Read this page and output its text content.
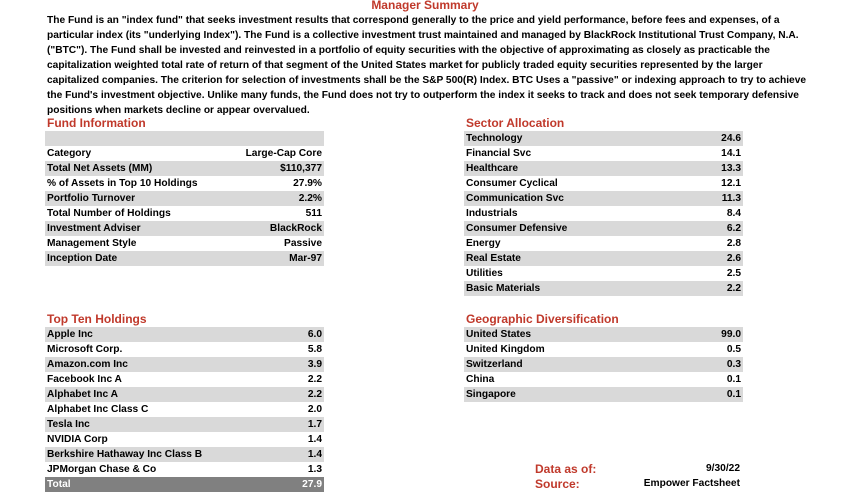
Manager Summary
The Fund is an "index fund" that seeks investment results that correspond generally to the price and yield performance, before fees and expenses, of a particular index (its "underlying Index"). The Fund is a collective investment trust maintained and managed by BlackRock Institutional Trust Company, N.A. ("BTC"). The Fund shall be invested and reinvested in a portfolio of equity securities with the objective of approximating as closely as practicable the capitalization weighted total rate of return of that segment of the United States market for publicly traded equity securities represented by the larger capitalized companies. The criterion for selection of investments shall be the S&P 500(R) Index. BTC Uses a "passive" or indexing approach to try to achieve the Fund's investment objective. Unlike many funds, the Fund does not try to outperform the index it seeks to track and does not seek temporary defensive positions when markets decline or appear overvalued.
Fund Information
Category	Large-Cap Core
Total Net Assets (MM)	$110,377
% of Assets in Top 10 Holdings	27.9%
Portfolio Turnover	2.2%
Total Number of Holdings	511
Investment Adviser	BlackRock
Management Style	Passive
Inception Date	Mar-97
Sector Allocation
Technology	24.6
Financial Svc	14.1
Healthcare	13.3
Consumer Cyclical	12.1
Communication Svc	11.3
Industrials	8.4
Consumer Defensive	6.2
Energy	2.8
Real Estate	2.6
Utilities	2.5
Basic Materials	2.2
Top Ten Holdings
Apple Inc	6.0
Microsoft Corp.	5.8
Amazon.com Inc	3.9
Facebook Inc A	2.2
Alphabet Inc A	2.2
Alphabet Inc Class C	2.0
Tesla Inc	1.7
NVIDIA Corp	1.4
Berkshire Hathaway Inc Class B	1.4
JPMorgan Chase & Co	1.3
Total	27.9
Geographic Diversification
United States	99.0
United Kingdom	0.5
Switzerland	0.3
China	0.1
Singapore	0.1
Data as of:	9/30/22
Source:	Empower Factsheet
